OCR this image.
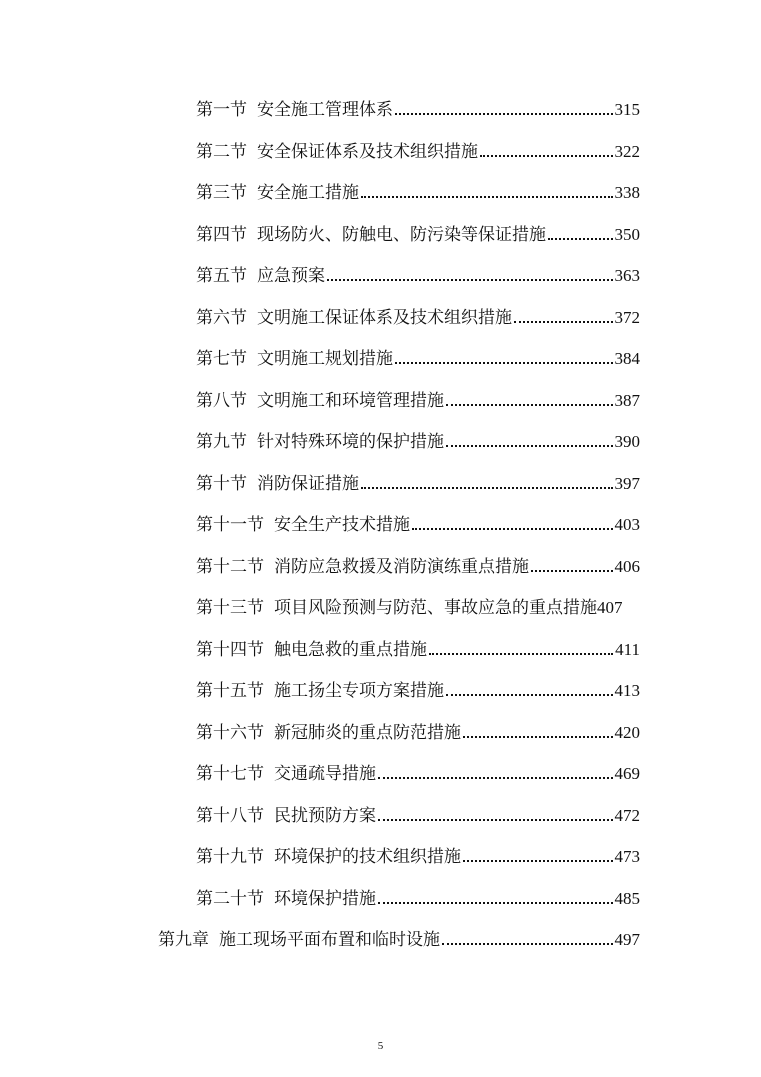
第一节 安全施工管理体系	315
第二节 安全保证体系及技术组织措施	322
第三节 安全施工措施	338
第四节 现场防火、防触电、防污染等保证措施	350
第五节 应急预案	363
第六节 文明施工保证体系及技术组织措施	372
第七节 文明施工规划措施	384
第八节 文明施工和环境管理措施	387
第九节 针对特殊环境的保护措施	390
第十节 消防保证措施	397
第十一节 安全生产技术措施	403
第十二节 消防应急救援及消防演练重点措施	406
第十三节 项目风险预测与防范、事故应急的重点措施 407
第十四节 触电急救的重点措施	411
第十五节 施工扬尘专项方案措施	413
第十六节 新冠肺炎的重点防范措施	420
第十七节 交通疏导措施	469
第十八节 民扰预防方案	472
第十九节 环境保护的技术组织措施	473
第二十节 环境保护措施	485
第九章 施工现场平面布置和临时设施	497
5
